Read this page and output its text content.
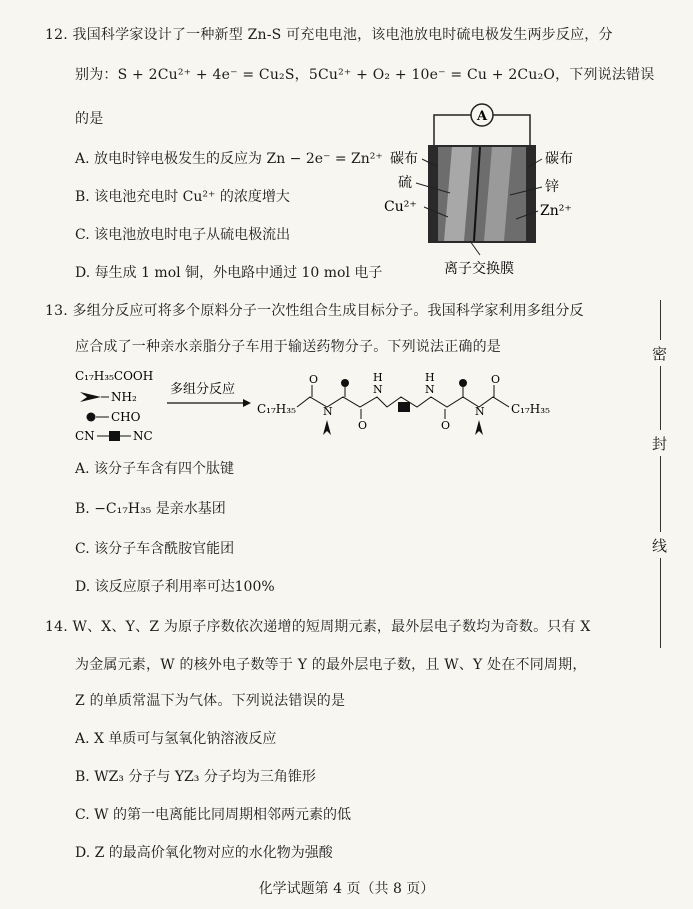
12. 我国科学家设计了一种新型 Zn-S 可充电电池，该电池放电时硫电极发生两步反应，分
别为：S + 2Cu²⁺ + 4e⁻ = Cu₂S，5Cu²⁺ + O₂ + 10e⁻ = Cu + 2Cu₂O，下列说法错误
的是
A. 放电时锌电极发生的反应为 Zn − 2e⁻ = Zn²⁺
B. 该电池充电时 Cu²⁺ 的浓度增大
C. 该电池放电时电子从硫电极流出
D. 每生成 1 mol 铜，外电路中通过 10 mol 电子
A
碳布
硫
Cu²⁺
碳布
锌
Zn²⁺
离子交换膜
13. 多组分反应可将多个原料分子一次性组合生成目标分子。我国科学家利用多组分反
应合成了一种亲水亲脂分子车用于输送药物分子。下列说法正确的是
C₁₇H₃₅COOH
NH₂
CHO
CN	NC
多组分反应
C₁₇H₃₅
O
N
O
N
H	H
N
O
N
O
C₁₇H₃₅
A. 该分子车含有四个肽键
B. −C₁₇H₃₅ 是亲水基团
C. 该分子车含酰胺官能团
D. 该反应原子利用率可达100%
14. W、X、Y、Z 为原子序数依次递增的短周期元素，最外层电子数均为奇数。只有 X
为金属元素，W 的核外电子数等于 Y 的最外层电子数，且 W、Y 处在不同周期，
Z 的单质常温下为气体。下列说法错误的是
A. X 单质可与氢氧化钠溶液反应
B. WZ₃ 分子与 YZ₃ 分子均为三角锥形
C. W 的第一电离能比同周期相邻两元素的低
D. Z 的最高价氧化物对应的水化物为强酸
密
封
线
化学试题第 4 页（共 8 页）
